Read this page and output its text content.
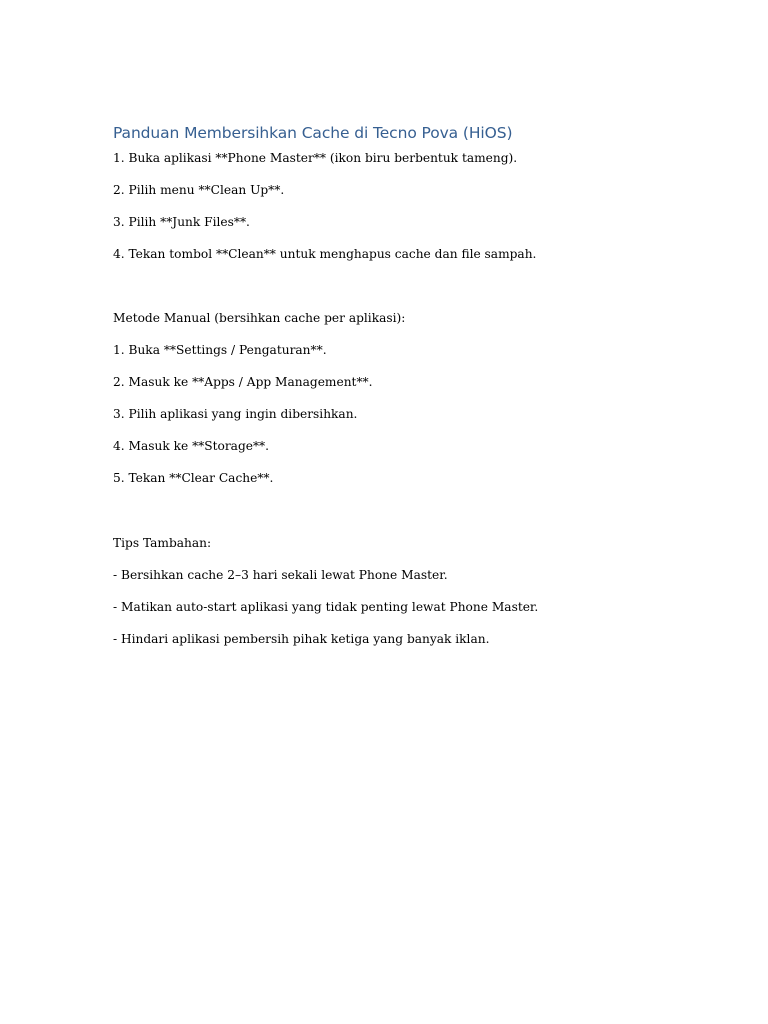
Panduan Membersihkan Cache di Tecno Pova (HiOS)

1. Buka aplikasi **Phone Master** (ikon biru berbentuk tameng).

2. Pilih menu **Clean Up**.

3. Pilih **Junk Files**.

4. Tekan tombol **Clean** untuk menghapus cache dan file sampah.

Metode Manual (bersihkan cache per aplikasi):

1. Buka **Settings / Pengaturan**.

2. Masuk ke **Apps / App Management**.

3. Pilih aplikasi yang ingin dibersihkan.

4. Masuk ke **Storage**.

5. Tekan **Clear Cache**.

Tips Tambahan:

- Bersihkan cache 2–3 hari sekali lewat Phone Master.

- Matikan auto-start aplikasi yang tidak penting lewat Phone Master.

- Hindari aplikasi pembersih pihak ketiga yang banyak iklan.
